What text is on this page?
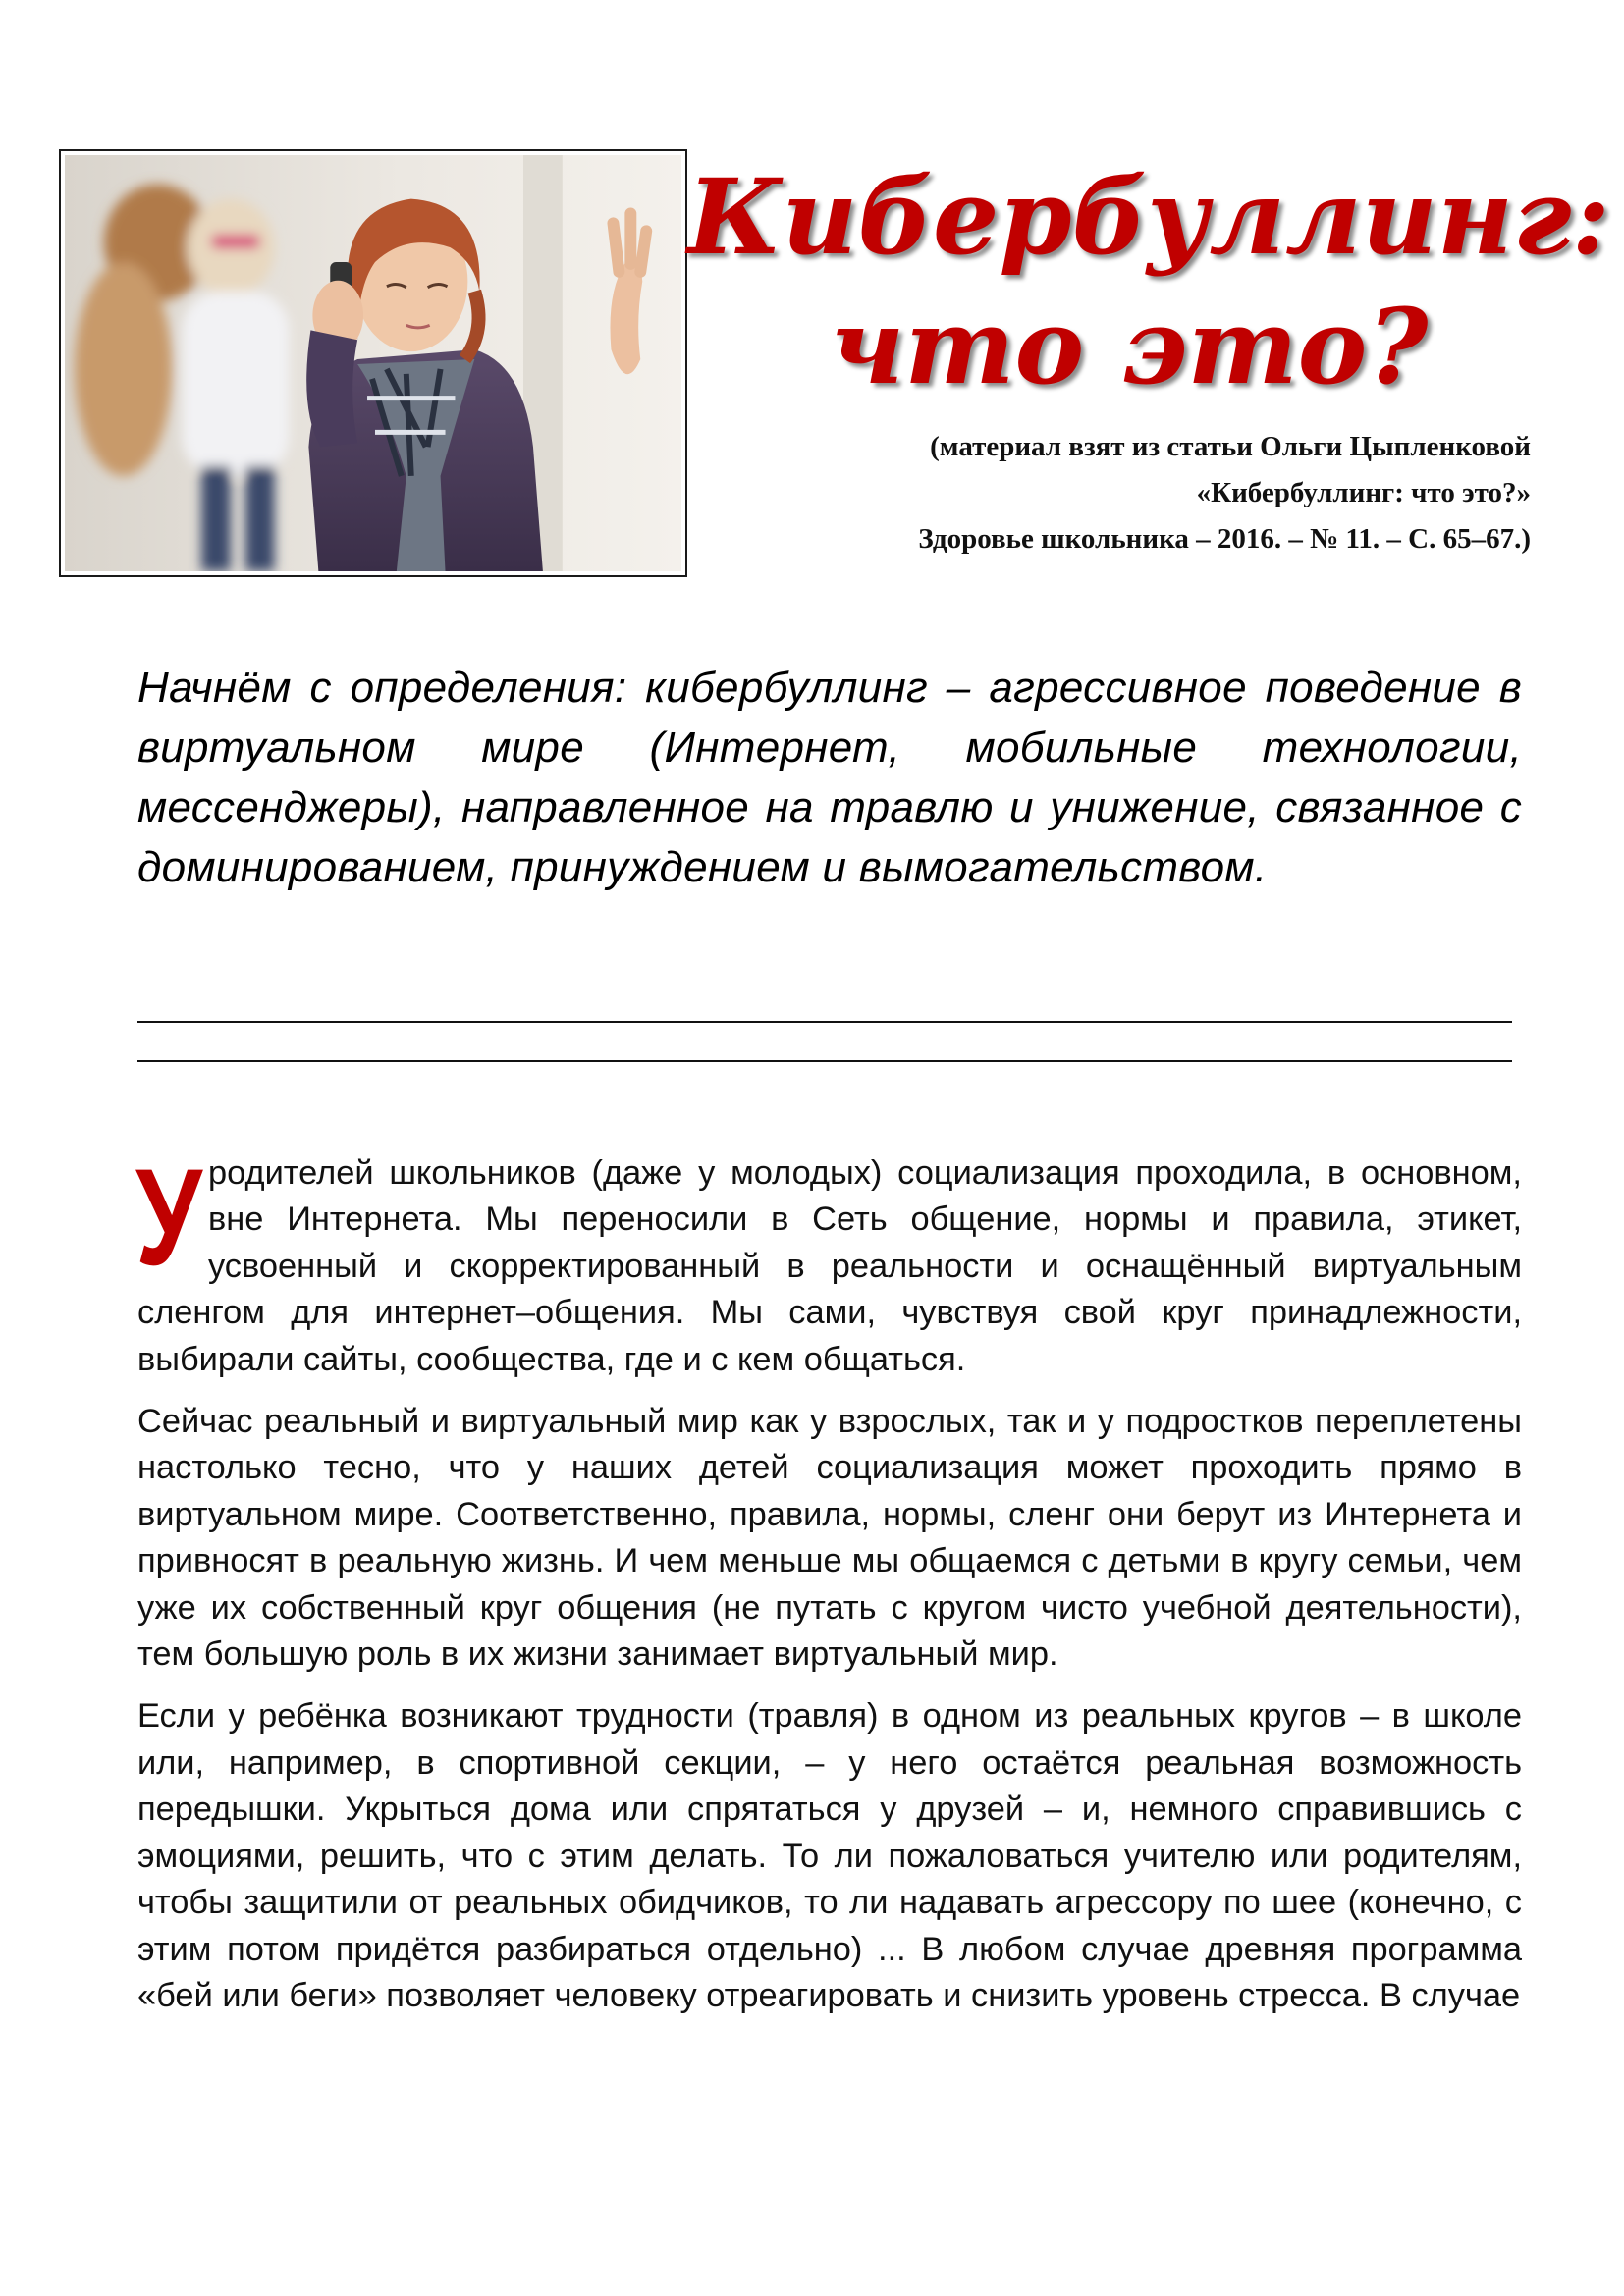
Кибербуллинг:
что это?

(материал взят из статьи Ольги Цыпленковой
«Кибербуллинг: что это?»
Здоровье школьника – 2016. – № 11. – С. 65–67.)

Начнём с определения: кибербуллинг – агрессивное поведение в виртуальном мире (Интернет, мобильные технологии, мессенджеры), направленное на травлю и унижение, связанное с доминированием, принуждением и вымогательством.

Уродителей школьников (даже у молодых) социализация проходила, в основном, вне Интернета. Мы переносили в Сеть общение, нормы и правила, этикет, усвоенный и скорректированный в реальности и оснащённый виртуальным сленгом для интернет–общения. Мы сами, чувствуя свой круг принадлежности, выбирали сайты, сообщества, где и с кем общаться.

Сейчас реальный и виртуальный мир как у взрослых, так и у подростков переплетены настолько тесно, что у наших детей социализация может проходить прямо в виртуальном мире. Соответственно, правила, нормы, сленг они берут из Интернета и привносят в реальную жизнь. И чем меньше мы общаемся с детьми в кругу семьи, чем уже их собственный круг общения (не путать с кругом чисто учебной деятельности), тем большую роль в их жизни занимает виртуальный мир.

Если у ребёнка возникают трудности (травля) в одном из реальных кругов – в школе или, например, в спортивной секции, – у него остаётся реальная возможность передышки. Укрыться дома или спрятаться у друзей – и, немного справившись с эмоциями, решить, что с этим делать. То ли пожаловаться учителю или родителям, чтобы защитили от реальных обидчиков, то ли надавать агрессору по шее (конечно, с этим потом придётся разбираться отдельно) ... В любом случае древняя программа «бей или беги» позволяет человеку отреагировать и снизить уровень стресса. В случае
